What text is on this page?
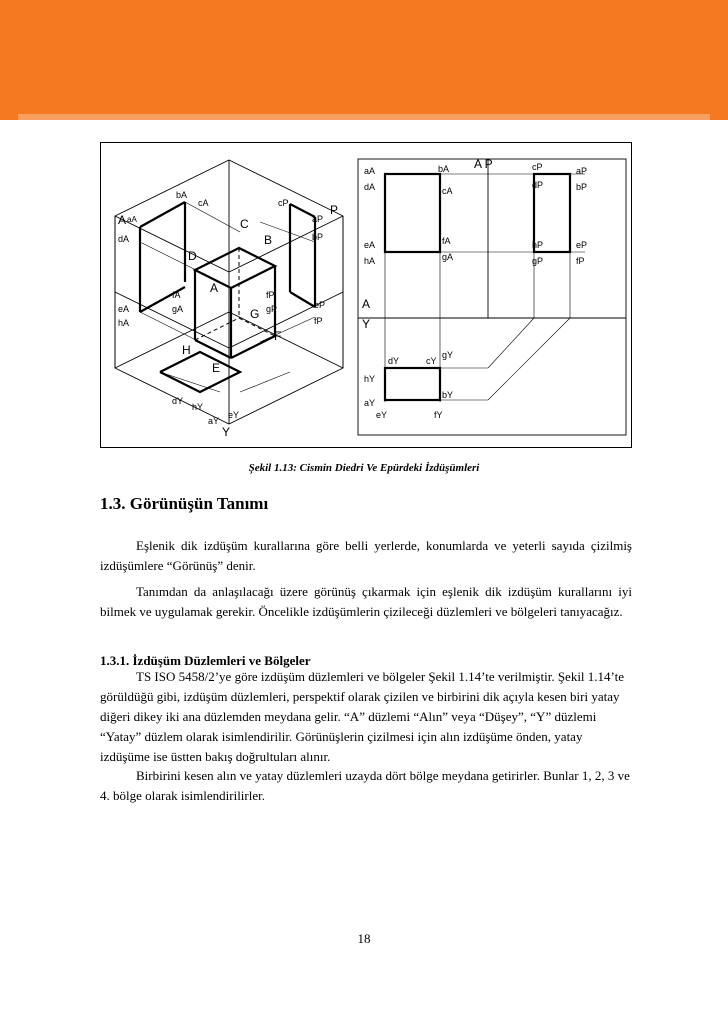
A aA
dA
eA
hA
bA
cA
C
B
D
A
G
H
E
F
fA
gA
fP
gP
cP
aP
bP
P
eP
fP
dY
hY
aY
eY
Y
aA
dA
bA
cA
eA
hA
fA
gA
A P	cP
dP
aP
bP
hP
gP
eP
fP
A
Y
hY
dY	cY
gY
aY
bY
eY	fY
Şekil 1.13: Cismin Diedri Ve Epürdeki İzdüşümleri
1.3. Görünüşün Tanımı
Eşlenik dik izdüşüm kurallarına göre belli yerlerde, konumlarda ve yeterli sayıda çizilmiş izdüşümlere “Görünüş” denir.
Tanımdan da anlaşılacağı üzere görünüş çıkarmak için eşlenik dik izdüşüm kurallarını iyi bilmek ve uygulamak gerekir. Öncelikle izdüşümlerin çizileceği düzlemleri ve bölgeleri tanıyacağız.
1.3.1. İzdüşüm Düzlemleri ve Bölgeler
TS ISO 5458/2’ye göre izdüşüm düzlemleri ve bölgeler Şekil 1.14’te verilmiştir. Şekil 1.14’te görüldüğü gibi, izdüşüm düzlemleri, perspektif olarak çizilen ve birbirini dik açıyla kesen biri yatay diğeri dikey iki ana düzlemden meydana gelir. “A” düzlemi “Alın” veya “Düşey”, “Y” düzlemi “Yatay” düzlem olarak isimlendirilir. Görünüşlerin çizilmesi için alın izdüşüme önden, yatay izdüşüme ise üstten bakış doğrultuları alınır.
Birbirini kesen alın ve yatay düzlemleri uzayda dört bölge meydana getirirler. Bunlar 1, 2, 3 ve 4. bölge olarak isimlendirilirler.
18
